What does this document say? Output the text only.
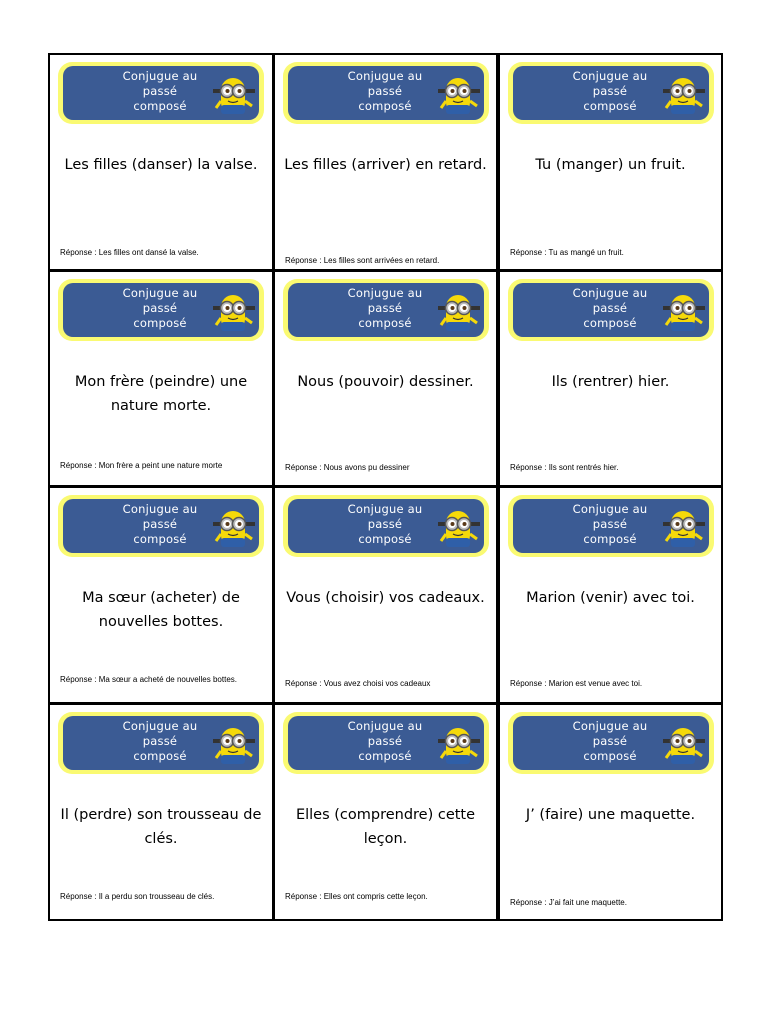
Conjugue au
passé
composé
Les filles (danser) la valse.
Réponse : Les filles ont dansé la valse.
Conjugue au
passé
composé
Les filles (arriver) en retard.
Réponse : Les filles sont arrivées en retard.
Conjugue au
passé
composé
Tu (manger) un fruit.
Réponse : Tu as mangé un fruit.
Conjugue au
passé
composé
Mon frère (peindre) une nature morte.
Réponse : Mon frère a peint une nature morte
Conjugue au
passé
composé
Nous (pouvoir) dessiner.
Réponse : Nous avons pu dessiner
Conjugue au
passé
composé
Ils (rentrer) hier.
Réponse : Ils sont rentrés hier.
Conjugue au
passé
composé
Ma sœur (acheter) de nouvelles bottes.
Réponse : Ma sœur a acheté de nouvelles bottes.
Conjugue au
passé
composé
Vous (choisir) vos cadeaux.
Réponse : Vous avez choisi vos cadeaux
Conjugue au
passé
composé
Marion (venir) avec toi.
Réponse : Marion est venue avec toi.
Conjugue au
passé
composé
Il (perdre) son trousseau de clés.
Réponse : Il a perdu son trousseau de clés.
Conjugue au
passé
composé
Elles (comprendre) cette leçon.
Réponse : Elles ont compris cette leçon.
Conjugue au
passé
composé
J’ (faire) une maquette.
Réponse : J’ai fait une maquette.
